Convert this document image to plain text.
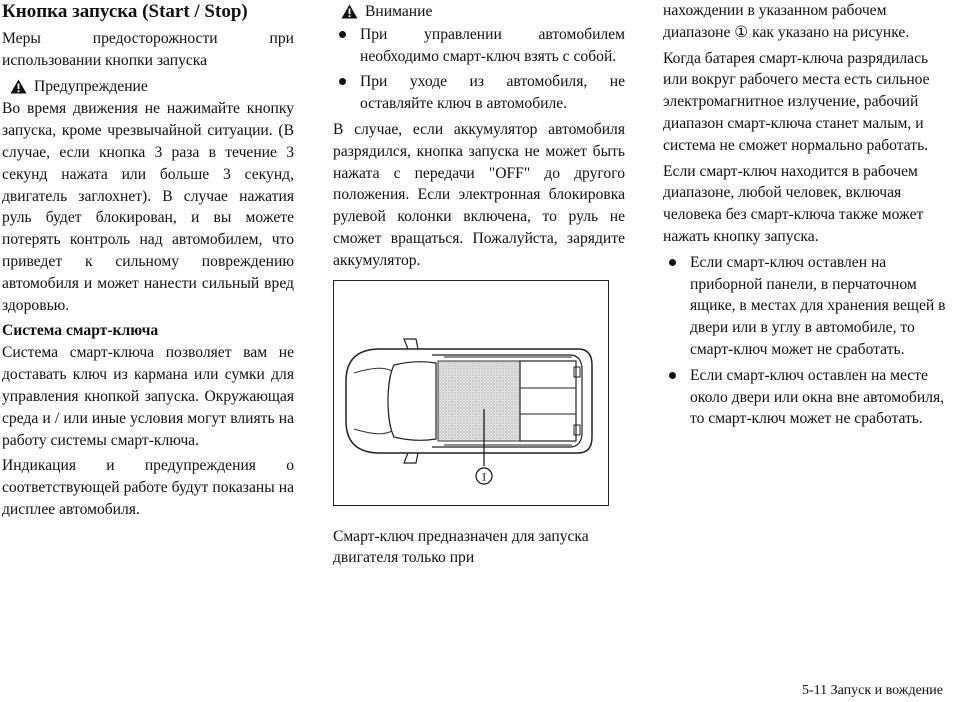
Кнопка запуска (Start / Stop)

Меры предосторожности при использовании кнопки запуска

Предупреждение

Во время движения не нажимайте кнопку запуска, кроме чрезвычайной ситуации. (В случае, если кнопка 3 раза в течение 3 секунд нажата или больше 3 секунд, двигатель заглохнет). В случае нажатия руль будет блокирован, и вы можете потерять контроль над автомобилем, что приведет к сильному повреждению автомобиля и может нанести сильный вред здоровью.

Система смарт-ключа

Система смарт-ключа позволяет вам не доставать ключ из кармана или сумки для управления кнопкой запуска. Окружающая среда и / или иные условия могут влиять на работу системы смарт-ключа.

Индикация и предупреждения о соответствующей работе будут показаны на дисплее автомобиля.

Внимание
При управлении автомобилем необходимо смарт-ключ взять с собой.
При уходе из автомобиля, не оставляйте ключ в автомобиле.

В случае, если аккумулятор автомобиля разрядился, кнопка запуска не может быть нажата с передачи "OFF" до другого положения. Если электронная блокировка рулевой колонки включена, то руль не сможет вращаться. Пожалуйста, зарядите аккумулятор.

1

Смарт-ключ предназначен для запуска двигателя только при

нахождении в указанном рабочем диапазоне ① как указано на рисунке.

Когда батарея смарт-ключа разрядилась или вокруг рабочего места есть сильное электромагнитное излучение, рабочий диапазон смарт-ключа станет малым, и система не сможет нормально работать.

Если смарт-ключ находится в рабочем диапазоне, любой человек, включая человека без смарт-ключа также может нажать кнопку запуска.

Если смарт-ключ оставлен на приборной панели, в перчаточном ящике, в местах для хранения вещей в двери или в углу в автомобиле, то смарт-ключ может не сработать.
Если смарт-ключ оставлен на месте около двери или окна вне автомобиля, то смарт-ключ может не сработать.
5-11 Запуск и вождение
